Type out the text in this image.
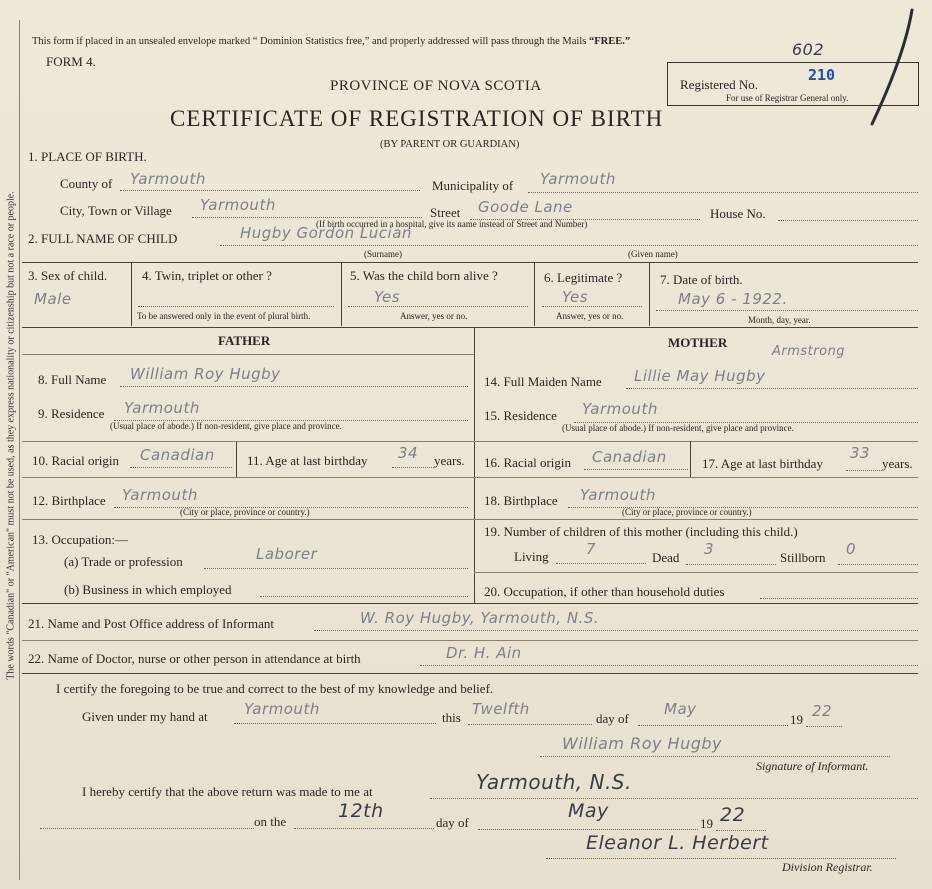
The words "Canadian" or "American" must not be used, as they express nationality or citizenship but not a race or people.
This form if placed in an unsealed envelope marked “ Dominion Statistics free,” and properly addressed will pass through the Mails “FREE.”
FORM 4.
PROVINCE OF NOVA SCOTIA
CERTIFICATE OF REGISTRATION OF BIRTH
(BY PARENT OR GUARDIAN)
Registered No.
210
For use of Registrar General only.
602
1. PLACE OF BIRTH.
County of Yarmouth	Municipality of Yarmouth
City, Town or Village Yarmouth	Street Goode Lane	House No.
(If birth occurred in a hospital, give its name instead of Street and Number)
2. FULL NAME OF CHILD	Hugby Gordon Lucian
(Surname)	(Given name)
3. Sex of child.
Male
4. Twin, triplet or other ?
To be answered only in the event of plural birth.
5. Was the child born alive ?
Yes
Answer, yes or no.
6. Legitimate ?
Yes
Answer, yes or no.
7. Date of birth.
May 6 - 1922.
Month, day, year.
FATHER	MOTHER
8. Full Name William Roy Hugby
9. Residence Yarmouth
(Usual place of abode.) If non-resident, give place and province.
10. Racial origin Canadian 11. Age at last birthday 34 years.
12. Birthplace Yarmouth
(City or place, province or country.)
13. Occupation:—
(a) Trade or profession	Laborer
(b) Business in which employed
14. Full Maiden Name Lillie May Hugby
Armstrong
15. Residence Yarmouth
(Usual place of abode.) If non-resident, give place and province.
16. Racial origin Canadian	17. Age at last birthday
33
years.
18. Birthplace Yarmouth
(City or place, province or country.)
19. Number of children of this mother (including this child.)
Living 7	Dead 3	Stillborn 0
20. Occupation, if other than household duties
21. Name and Post Office address of Informant	W. Roy Hugby, Yarmouth, N.S.
22. Name of Doctor, nurse or other person in attendance at birth	Dr. H. Ain
I certify the foregoing to be true and correct to the best of my knowledge and belief.
Given under my hand at Yarmouth	this Twelfth
day of
May
19 22
William Roy Hugby
Signature of Informant.
I hereby certify that the above return was made to me at	Yarmouth, N.S.
on the	12th
day of
May
19 22
Eleanor L. Herbert
Division Registrar.
